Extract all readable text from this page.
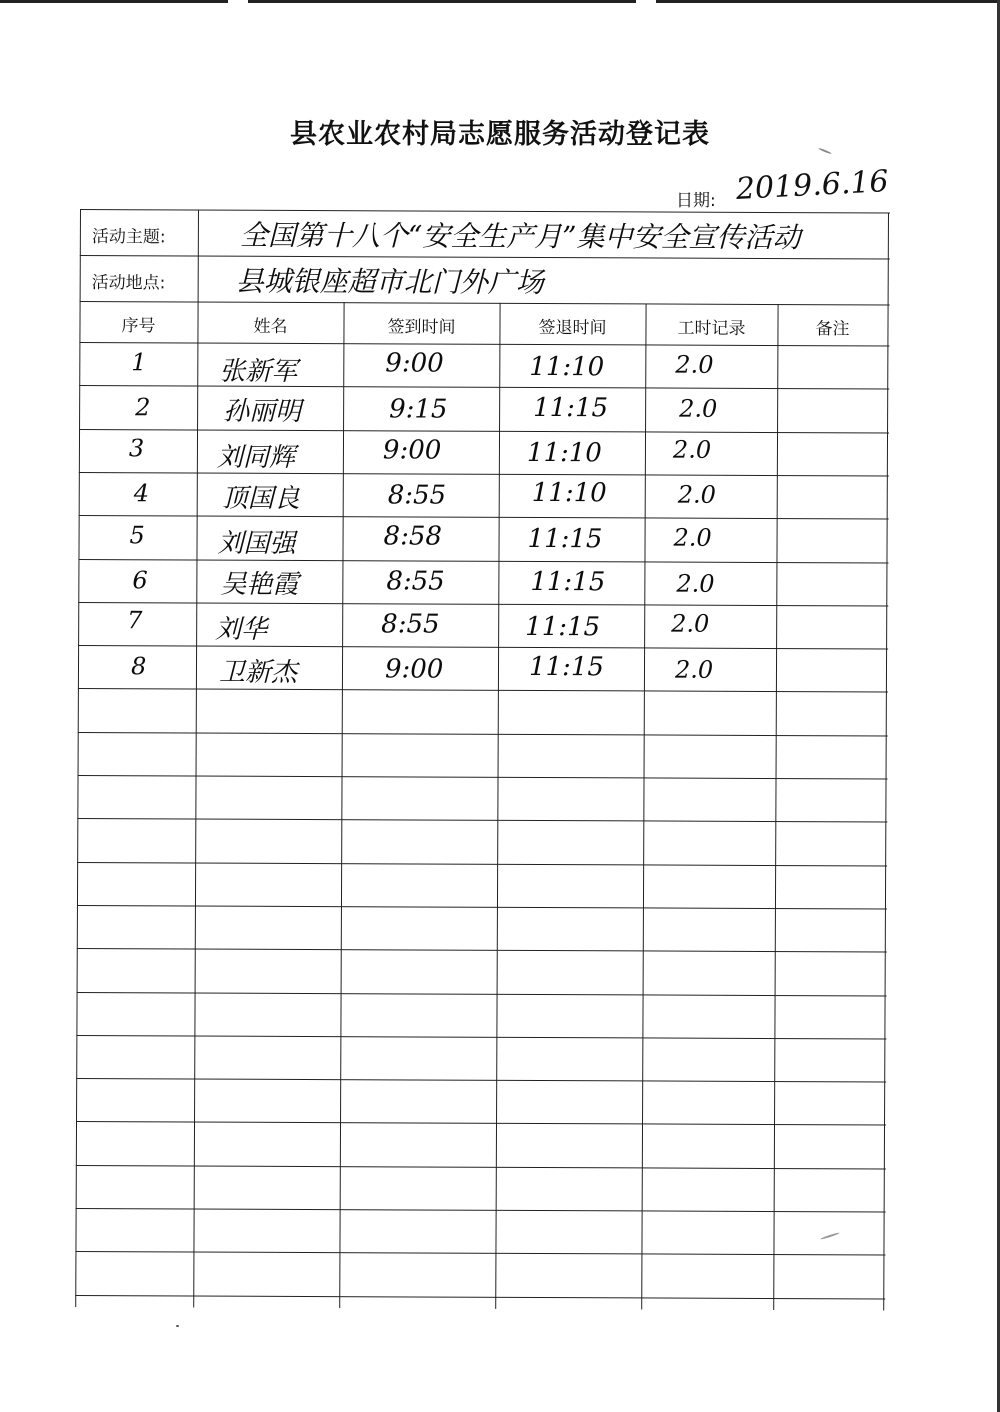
县农业农村局志愿服务活动登记表
日期: 2019.6.16
活动主题:	全国第十八个“安全生产月”集中安全宣传活动
活动地点:	县城银座超市北门外广场
序号	姓名	签到时间	签退时间	工时记录	备注
1	张新军	9:00	11:10	2.0
2	孙丽明	9:15	11:15	2.0
3	刘同辉	9:00	11:10	2.0
4	顶国良	8:55	11:10	2.0
5	刘国强	8:58	11:15	2.0
6	吴艳霞	8:55	11:15	2.0
7	刘华	8:55	11:15	2.0
8	卫新杰	9:00	11:15	2.0
